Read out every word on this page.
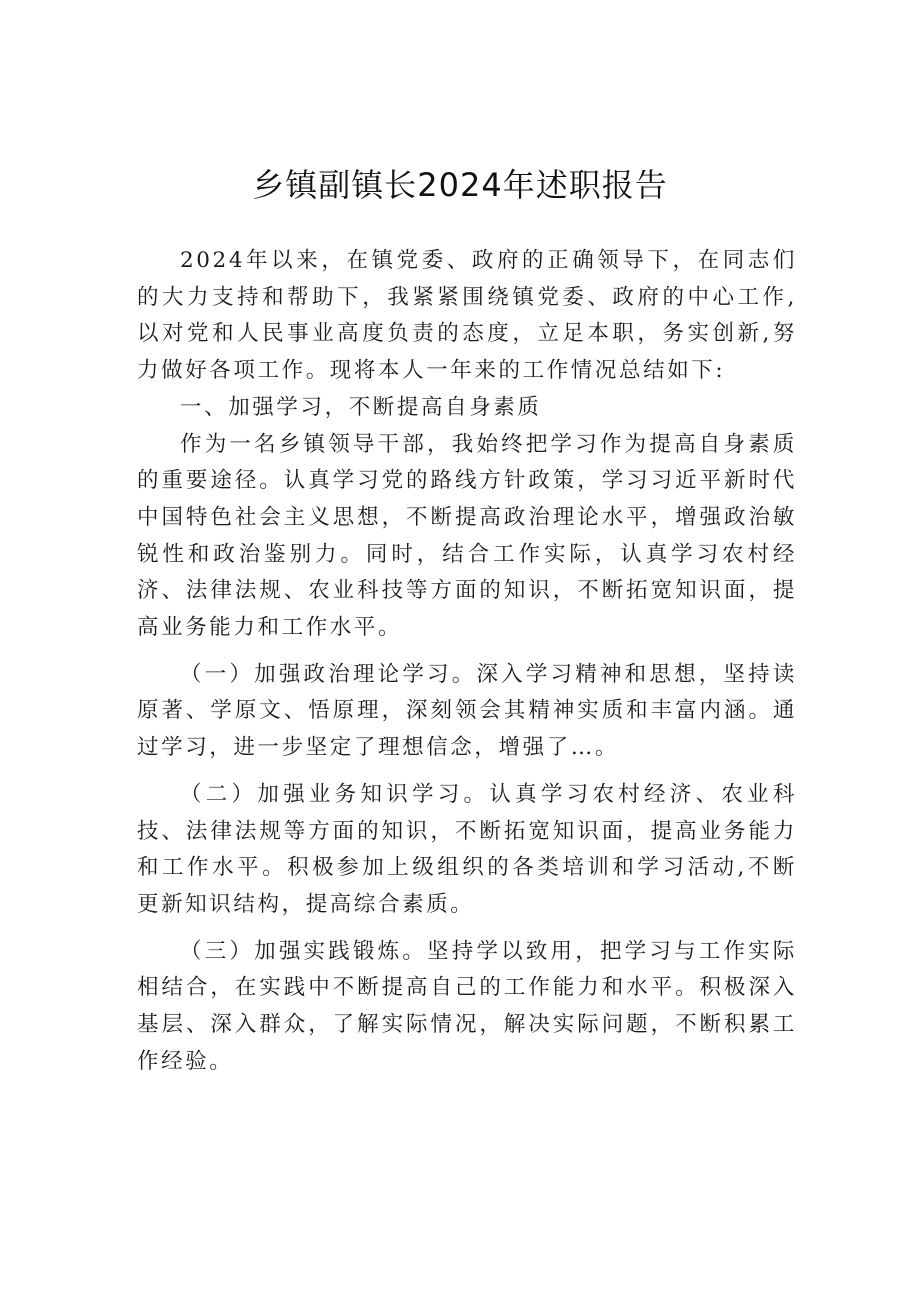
乡镇副镇长2024年述职报告

2024年以来，在镇党委、政府的正确领导下，在同志们的大力支持和帮助下，我紧紧围绕镇党委、政府的中心工作,以对党和人民事业高度负责的态度，立足本职，务实创新,努力做好各项工作。现将本人一年来的工作情况总结如下:

一、加强学习，不断提高自身素质

作为一名乡镇领导干部，我始终把学习作为提高自身素质的重要途径。认真学习党的路线方针政策，学习习近平新时代中国特色社会主义思想，不断提高政治理论水平，增强政治敏锐性和政治鉴别力。同时，结合工作实际，认真学习农村经济、法律法规、农业科技等方面的知识，不断拓宽知识面，提高业务能力和工作水平。

（一）加强政治理论学习。深入学习精神和思想，坚持读原著、学原文、悟原理，深刻领会其精神实质和丰富内涵。通过学习，进一步坚定了理想信念，增强了…。

（二）加强业务知识学习。认真学习农村经济、农业科技、法律法规等方面的知识，不断拓宽知识面，提高业务能力和工作水平。积极参加上级组织的各类培训和学习活动,不断更新知识结构，提高综合素质。

（三）加强实践锻炼。坚持学以致用，把学习与工作实际相结合，在实践中不断提高自己的工作能力和水平。积极深入基层、深入群众，了解实际情况，解决实际问题，不断积累工作经验。
